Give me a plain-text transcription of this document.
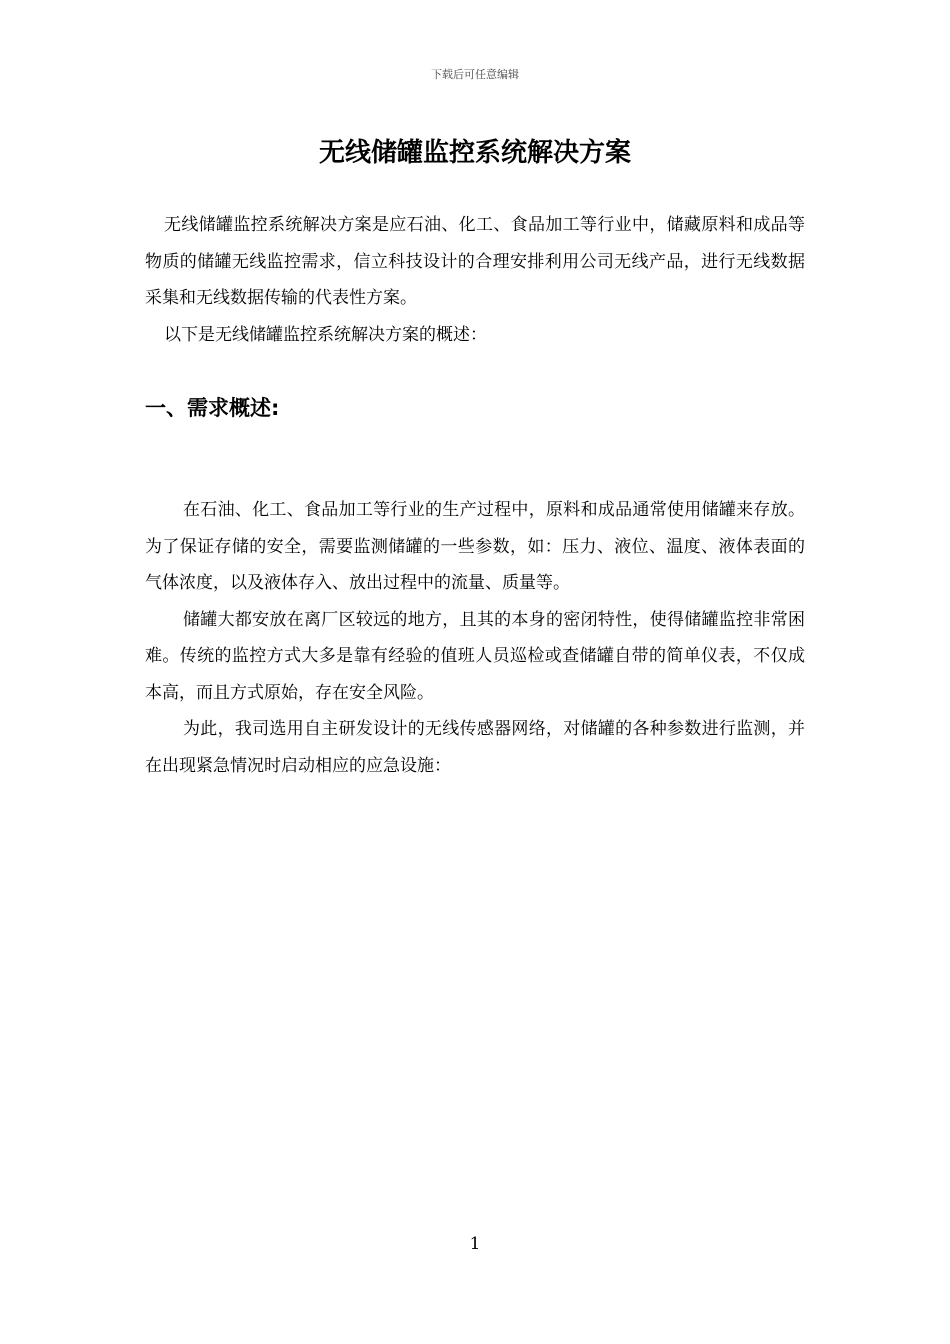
下载后可任意编辑
无线储罐监控系统解决方案

无线储罐监控系统解决方案是应石油、化工、食品加工等行业中，储藏原料和成品等物质的储罐无线监控需求，信立科技设计的合理安排利用公司无线产品，进行无线数据采集和无线数据传输的代表性方案。

以下是无线储罐监控系统解决方案的概述：

一、需求概述:

在石油、化工、食品加工等行业的生产过程中，原料和成品通常使用储罐来存放。为了保证存储的安全，需要监测储罐的一些参数，如：压力、液位、温度、液体表面的气体浓度，以及液体存入、放出过程中的流量、质量等。

储罐大都安放在离厂区较远的地方，且其的本身的密闭特性，使得储罐监控非常困难。传统的监控方式大多是靠有经验的值班人员巡检或查储罐自带的简单仪表，不仅成本高，而且方式原始，存在安全风险。

为此，我司选用自主研发设计的无线传感器网络，对储罐的各种参数进行监测，并在出现紧急情况时启动相应的应急设施：

1
